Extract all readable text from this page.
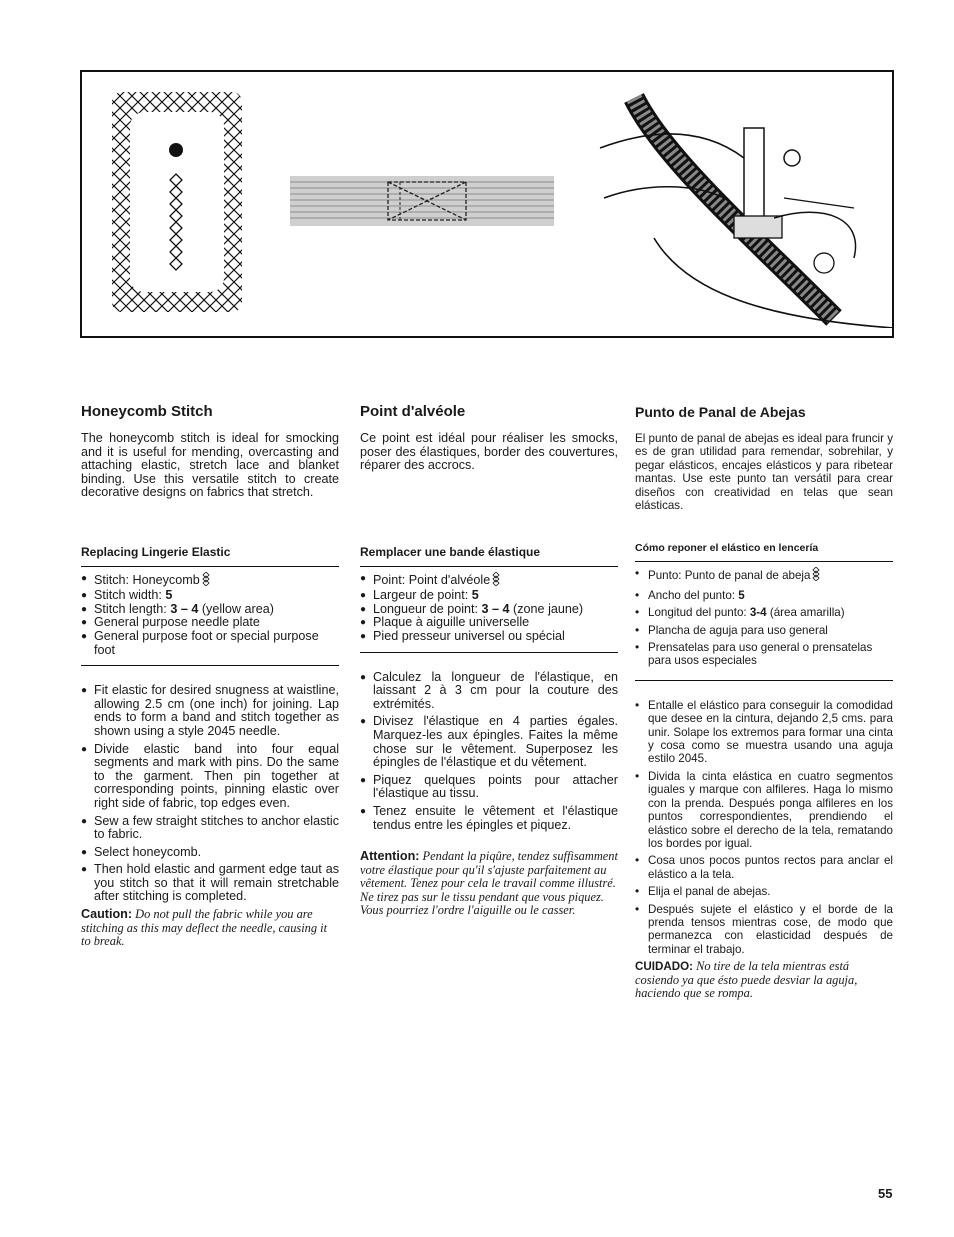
Honeycomb Stitch

The honeycomb stitch is ideal for smocking and it is useful for mending, overcasting and attaching elastic, stretch lace and blanket binding. Use this versatile stitch to create decorative designs on fabrics that stretch.

Replacing Lingerie Elastic
● Stitch: Honeycomb
● Stitch width: 5
● Stitch length: 3 – 4 (yellow area)
● General purpose needle plate
● General purpose foot or special purpose foot
● Fit elastic for desired snugness at waistline, allowing 2.5 cm (one inch) for joining. Lap ends to form a band and stitch together as shown using a style 2045 needle.
● Divide elastic band into four equal segments and mark with pins. Do the same to the garment. Then pin together at corresponding points, pinning elastic over right side of fabric, top edges even.
● Sew a few straight stitches to anchor elastic to fabric.
● Select honeycomb.
● Then hold elastic and garment edge taut as you stitch so that it will remain stretchable after stitching is completed.

Caution: Do not pull the fabric while you are stitching as this may deflect the needle, causing it to break.

Point d'alvéole

Ce point est idéal pour réaliser les smocks, poser des élastiques, border des couvertures, réparer des accrocs.

Remplacer une bande élastique
● Point: Point d'alvéole
● Largeur de point: 5
● Longueur de point: 3 – 4 (zone jaune)
● Plaque à aiguille universelle
● Pied presseur universel ou spécial
● Calculez la longueur de l'élastique, en laissant 2 à 3 cm pour la couture des extrémités.
● Divisez l'élastique en 4 parties égales. Marquez-les aux épingles. Faites la même chose sur le vêtement. Superposez les épingles de l'élastique et du vêtement.
● Piquez quelques points pour attacher l'élastique au tissu.
● Tenez ensuite le vêtement et l'élastique tendus entre les épingles et piquez.

Attention: Pendant la piqûre, tendez suffisamment votre élastique pour qu'il s'ajuste parfaitement au vêtement. Tenez pour cela le travail comme illustré. Ne tirez pas sur le tissu pendant que vous piquez. Vous pourriez l'ordre l'aiguille ou le casser.

Punto de Panal de Abejas

El punto de panal de abejas es ideal para fruncir y es de gran utilidad para remendar, sobrehilar, y pegar elásticos, encajes elásticos y para ribetear mantas. Use este punto tan versátil para crear diseños con creatividad en telas que sean elásticas.

Cómo reponer el elástico en lencería
• Punto: Punto de panal de abeja
• Ancho del punto: 5
• Longitud del punto: 3-4 (área amarilla)
• Plancha de aguja para uso general
• Prensatelas para uso general o prensatelas para usos especiales
• Entalle el elástico para conseguir la comodidad que desee en la cintura, dejando 2,5 cms. para unir. Solape los extremos para formar una cinta y cosa como se muestra usando una aguja estilo 2045.
• Divida la cinta elástica en cuatro segmentos iguales y marque con alfileres. Haga lo mismo con la prenda. Después ponga alfileres en los puntos correspondientes, prendiendo el elástico sobre el derecho de la tela, rematando los bordes por igual.
• Cosa unos pocos puntos rectos para anclar el elástico a la tela.
• Elija el panal de abejas.
• Después sujete el elástico y el borde de la prenda tensos mientras cose, de modo que permanezca con elasticidad después de terminar el trabajo.

CUIDADO: No tire de la tela mientras está cosiendo ya que ésto puede desviar la aguja, haciendo que se rompa.

55
